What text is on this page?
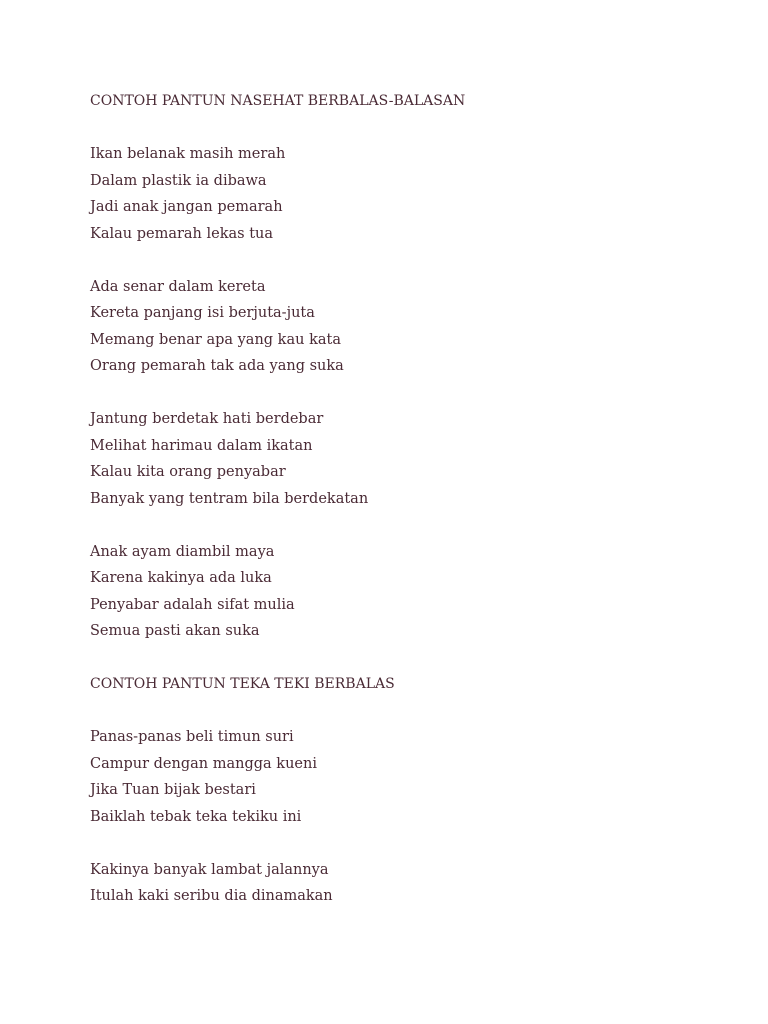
CONTOH PANTUN NASEHAT BERBALAS-BALASAN
Ikan belanak masih merah
Dalam plastik ia dibawa
Jadi anak jangan pemarah
Kalau pemarah lekas tua
Ada senar dalam kereta
Kereta panjang isi berjuta-juta
Memang benar apa yang kau kata
Orang pemarah tak ada yang suka
Jantung berdetak hati berdebar
Melihat harimau dalam ikatan
Kalau kita orang penyabar
Banyak yang tentram bila berdekatan
Anak ayam diambil maya
Karena kakinya ada luka
Penyabar adalah sifat mulia
Semua pasti akan suka
CONTOH PANTUN TEKA TEKI BERBALAS
Panas-panas beli timun suri
Campur dengan mangga kueni
Jika Tuan bijak bestari
Baiklah tebak teka tekiku ini
Kakinya banyak lambat jalannya
Itulah kaki seribu dia dinamakan
